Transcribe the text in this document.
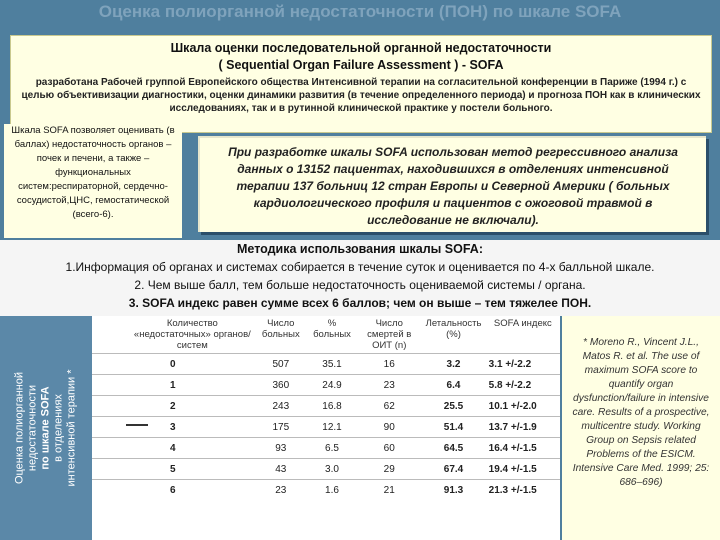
Оценка полиорганной недостаточности (ПОН) по шкале SOFA
Шкала оценки последовательной органной недостаточности
( Sequential Organ Failure Assessment ) - SOFA
разработана Рабочей группой Европейского общества Интенсивной терапии на согласительной конференции в Париже (1994 г.) с целью объективизации диагностики, оценки динамики развития (в течение определенного периода) и прогноза ПОН как в клинических исследованиях, так и в рутинной клинической практике у постели больного.
Шкала SOFA позволяет оценивать (в баллах) недостаточность органов – почек и печени, а также – функциональных систем:респираторной, сердечно-сосудистой,ЦНС, гемостатической (всего-6).
При разработке шкалы SOFA использован метод регрессивного анализа данных о 13152 пациентах, находившихся в отделениях интенсивной терапии 137 больниц 12 стран Европы и Северной Америки ( больных кардиологического профиля и пациентов с ожоговой травмой в исследование не включали).
Методика использования шкалы SOFA:
1.Информация об органах и системах собирается в течение суток и оценивается по 4-х балльной шкале.
2. Чем выше балл, тем больше недостаточность оцениваемой системы / органа.
3. SOFA индекс равен сумме всех 6 баллов; чем он выше – тем тяжелее ПОН.
Оценка полиорганной недостаточности по шкале SOFA в отделениях интенсивной терапии *
Количество «недостаточных» органов/систем	Число больных	% больных	Число смертей в ОИТ (n)	Летальность (%)	SOFA индекс
0	507	35.1	16	3.2	3.1 +/-2.2
1	360	24.9	23	6.4	5.8 +/-2.2
2	243	16.8	62	25.5	10.1 +/-2.0
3	175	12.1	90	51.4	13.7 +/-1.9
4	93	6.5	60	64.5	16.4 +/-1.5
5	43	3.0	29	67.4	19.4 +/-1.5
6	23	1.6	21	91.3	21.3 +/-1.5
* Moreno R., Vincent J.L., Matos R. et al. The use of maximum SOFA score to quantify organ dysfunction/failure in intensive care. Results of a prospective, multicentre study. Working Group on Sepsis related Problems of the ESICM. Intensive Care Med. 1999; 25: 686–696)
